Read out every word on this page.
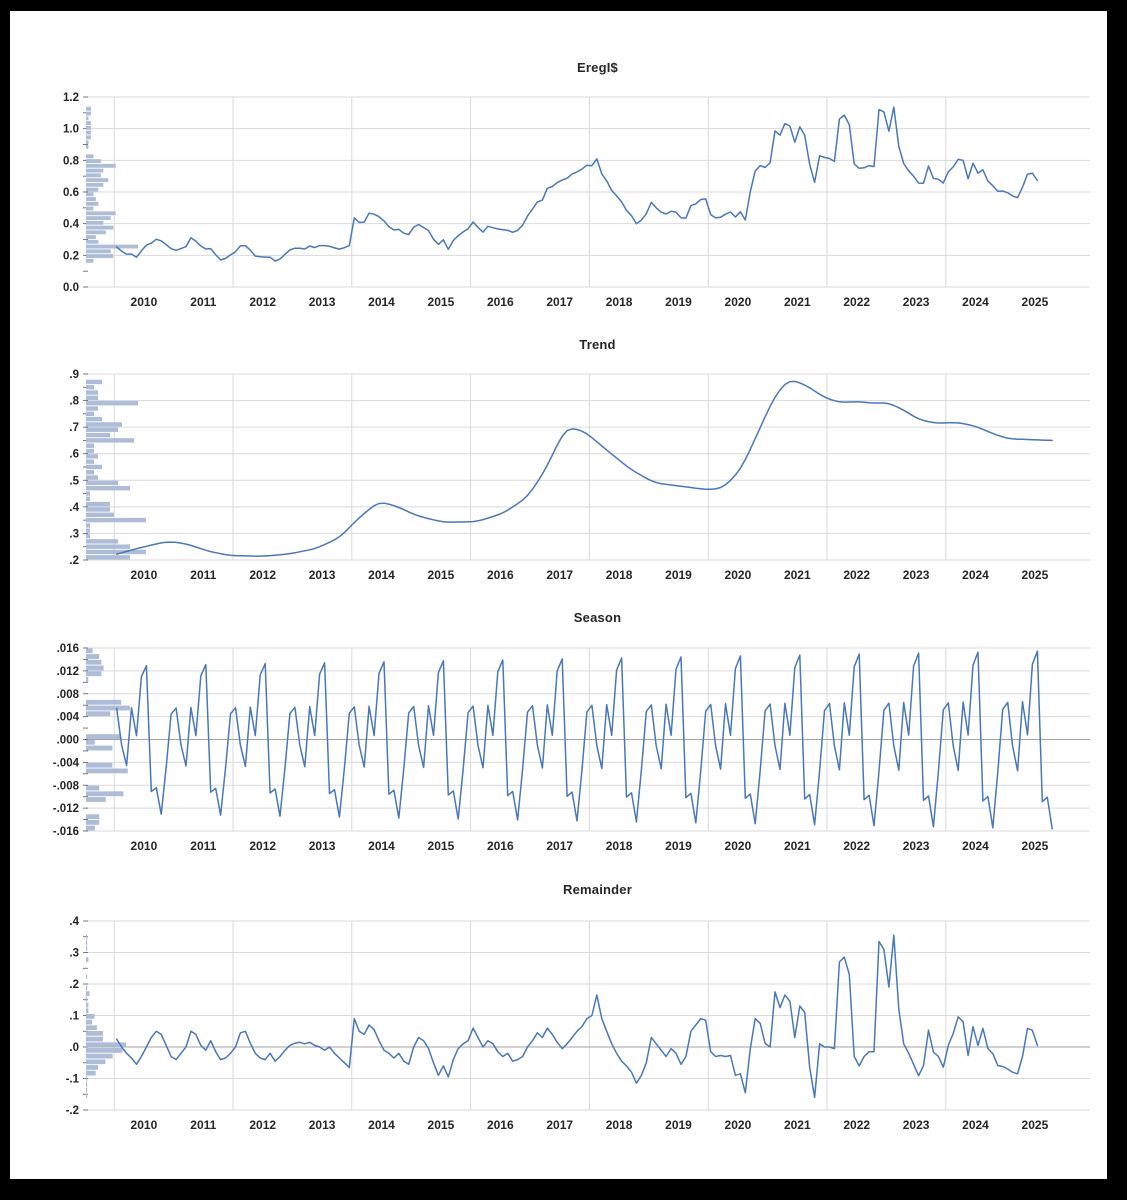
EregI$
Trend
Season
Remainder
1.2
1.0
0.8
0.6
0.4
0.2
0.0
2010	2011	2012	2013	2014	2015	2016	2017	2018	2019	2020	2021	2022	2023	2024	2025
.9
.8
.7
.6
.5
.4
.3
.2
2010	2011	2012	2013	2014	2015	2016	2017	2018	2019	2020	2021	2022	2023	2024	2025
.016
.012
.008
.004
.000
-.004
-.008
-.012
-.016
2010	2011	2012	2013	2014	2015	2016	2017	2018	2019	2020	2021	2022	2023	2024	2025
.4
.3
.2
.1
.0
-.1
-.2
2010	2011	2012	2013	2014	2015	2016	2017	2018	2019	2020	2021	2022	2023	2024	2025
